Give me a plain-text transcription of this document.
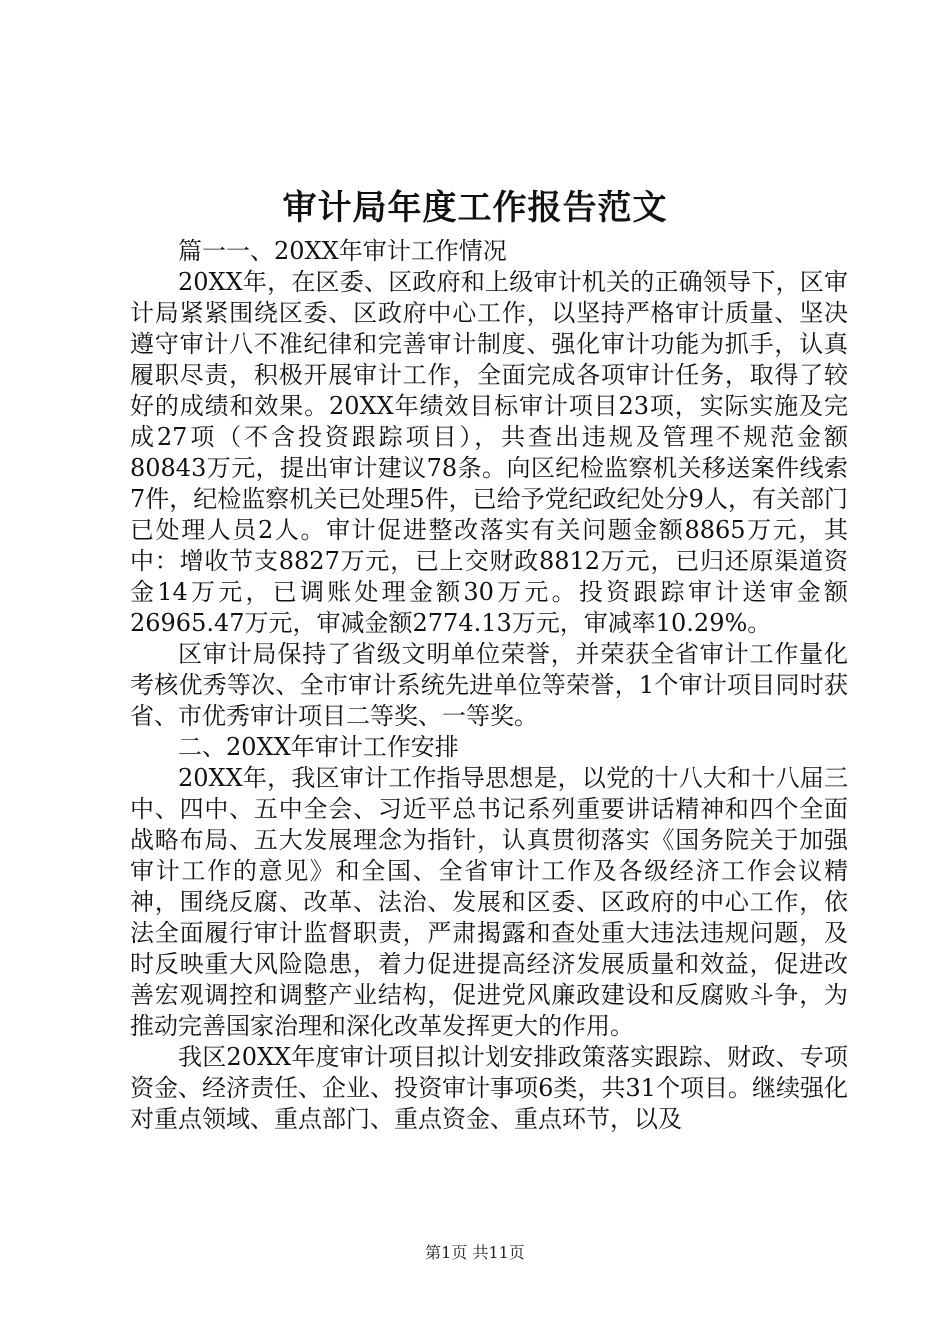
审计局年度工作报告范文

篇一一、20XX年审计工作情况

20XX年，在区委、区政府和上级审计机关的正确领导下，区审计局紧紧围绕区委、区政府中心工作，以坚持严格审计质量、坚决遵守审计八不准纪律和完善审计制度、强化审计功能为抓手，认真履职尽责，积极开展审计工作，全面完成各项审计任务，取得了较好的成绩和效果。20XX年绩效目标审计项目23项，实际实施及完成27项（不含投资跟踪项目），共查出违规及管理不规范金额80843万元，提出审计建议78条。向区纪检监察机关移送案件线索7件，纪检监察机关已处理5件，已给予党纪政纪处分9人，有关部门已处理人员2人。审计促进整改落实有关问题金额8865万元，其中：增收节支8827万元，已上交财政8812万元，已归还原渠道资金14万元，已调账处理金额30万元。投资跟踪审计送审金额26965.47万元，审减金额2774.13万元，审减率10.29%。

区审计局保持了省级文明单位荣誉，并荣获全省审计工作量化考核优秀等次、全市审计系统先进单位等荣誉，1个审计项目同时获省、市优秀审计项目二等奖、一等奖。

二、20XX年审计工作安排

20XX年，我区审计工作指导思想是，以党的十八大和十八届三中、四中、五中全会、习近平总书记系列重要讲话精神和四个全面战略布局、五大发展理念为指针，认真贯彻落实《国务院关于加强审计工作的意见》和全国、全省审计工作及各级经济工作会议精神，围绕反腐、改革、法治、发展和区委、区政府的中心工作，依法全面履行审计监督职责，严肃揭露和查处重大违法违规问题，及时反映重大风险隐患，着力促进提高经济发展质量和效益，促进改善宏观调控和调整产业结构，促进党风廉政建设和反腐败斗争，为推动完善国家治理和深化改革发挥更大的作用。

我区20XX年度审计项目拟计划安排政策落实跟踪、财政、专项资金、经济责任、企业、投资审计事项6类，共31个项目。继续强化对重点领域、重点部门、重点资金、重点环节，以及

第1页 共11页
